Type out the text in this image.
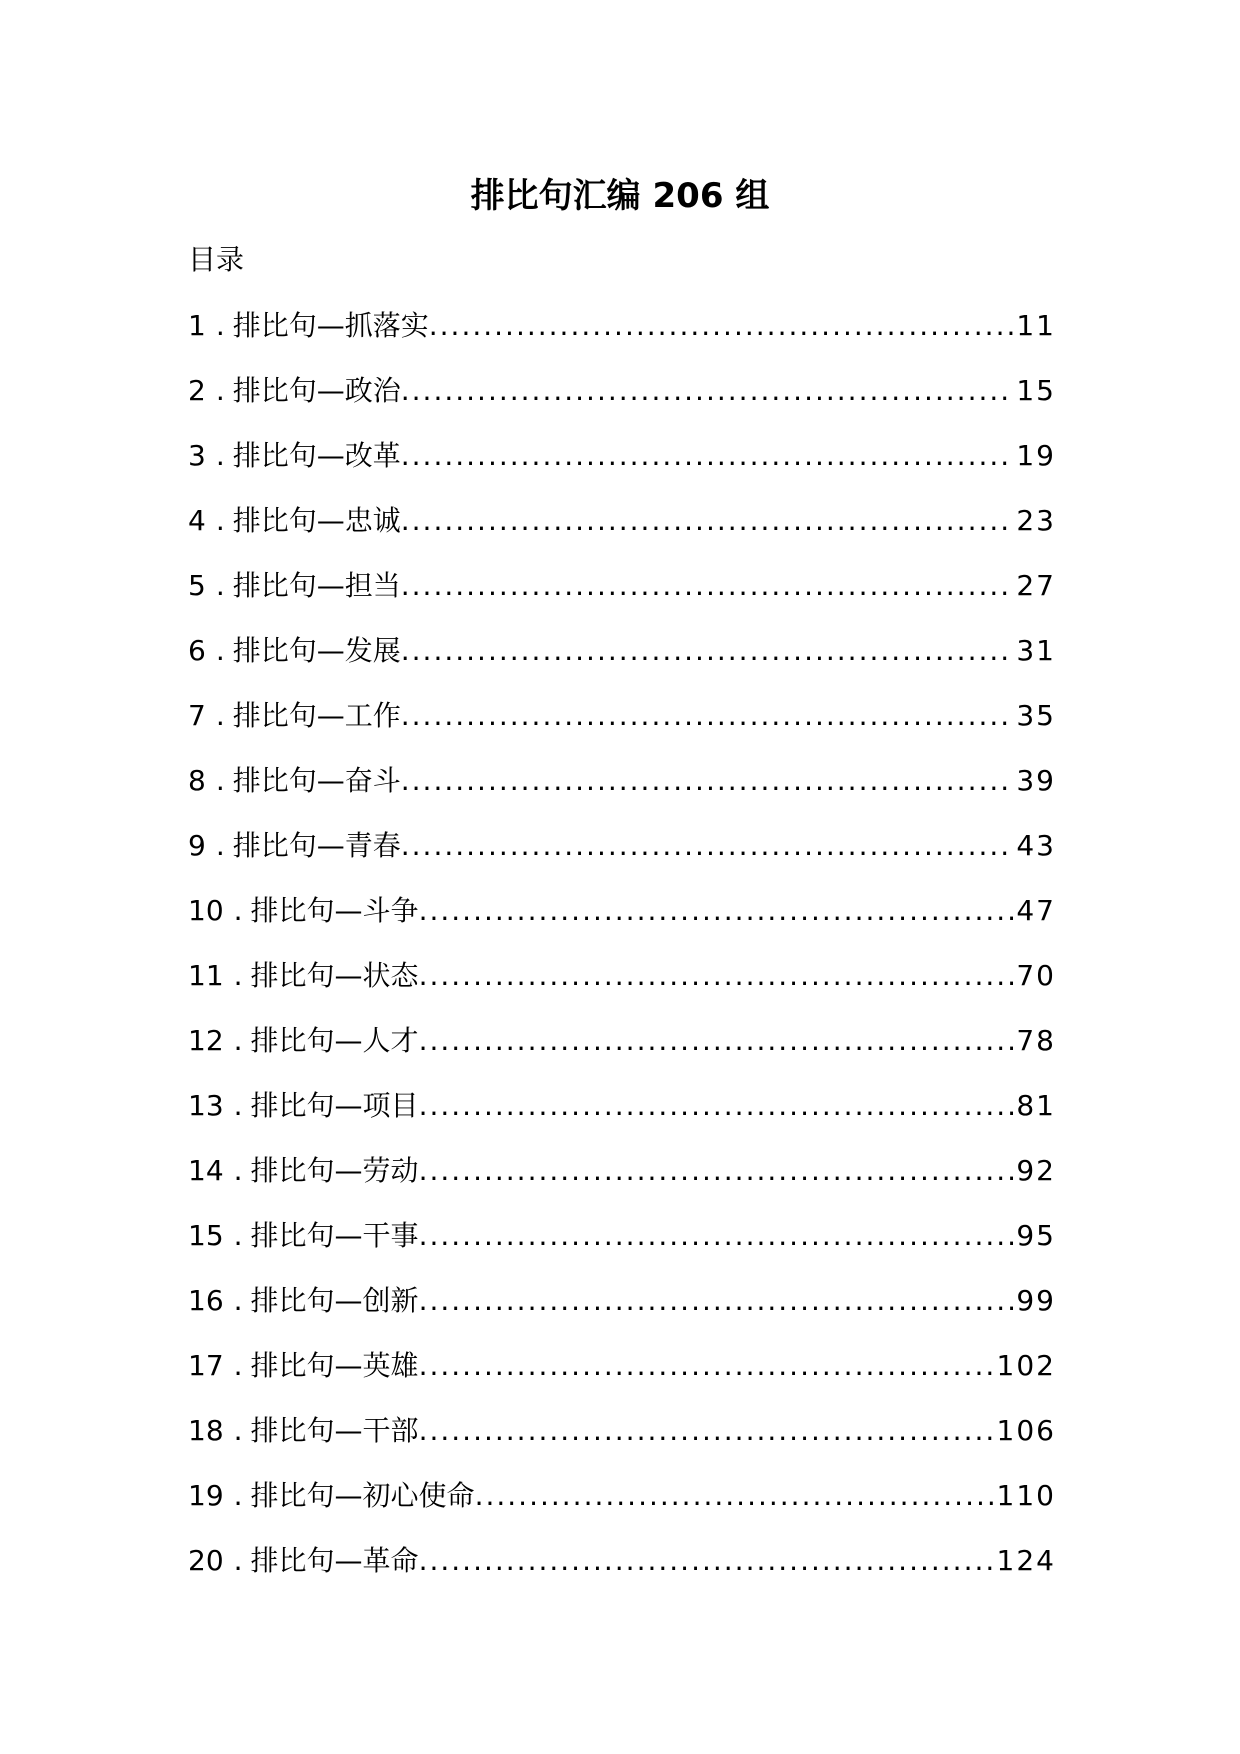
排比句汇编 206 组
目录
1 . 排比句—抓落实 .....	11
2 . 排比句—政治 .....	15
3 . 排比句—改革 .....	19
4 . 排比句—忠诚 .....	23
5 . 排比句—担当 .....	27
6 . 排比句—发展 .....	31
7 . 排比句—工作 .....	35
8 . 排比句—奋斗 .....	39
9 . 排比句—青春 .....	43
10 . 排比句—斗争 .....	47
11 . 排比句—状态 .....	70
12 . 排比句—人才 .....	78
13 . 排比句—项目 .....	81
14 . 排比句—劳动 .....	92
15 . 排比句—干事 .....	95
16 . 排比句—创新 .....	99
17 . 排比句—英雄 .....	102
18 . 排比句—干部 .....	106
19 . 排比句—初心使命 .....	110
20 . 排比句—革命 .....	124
